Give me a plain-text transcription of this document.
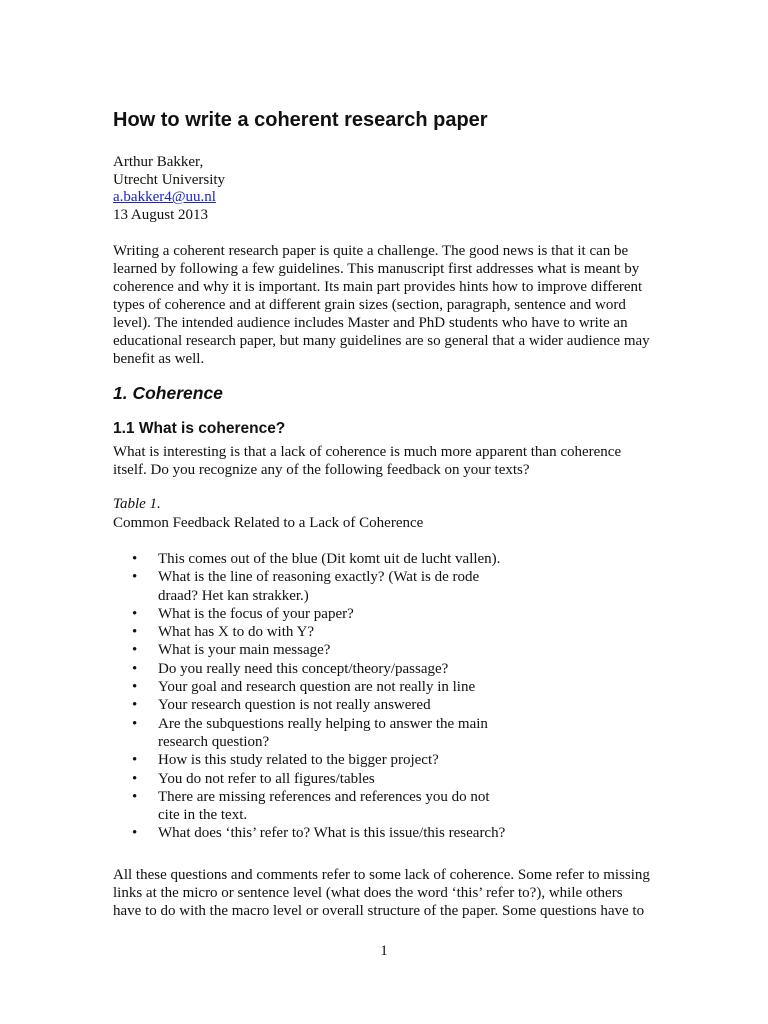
How to write a coherent research paper
Arthur Bakker,
Utrecht University
a.bakker4@uu.nl
13 August 2013

Writing a coherent research paper is quite a challenge. The good news is that it can be
learned by following a few guidelines. This manuscript first addresses what is meant by
coherence and why it is important. Its main part provides hints how to improve different
types of coherence and at different grain sizes (section, paragraph, sentence and word
level). The intended audience includes Master and PhD students who have to write an
educational research paper, but many guidelines are so general that a wider audience may
benefit as well.

1. Coherence
1.1 What is coherence?

What is interesting is that a lack of coherence is much more apparent than coherence
itself. Do you recognize any of the following feedback on your texts?

Table 1.
Common Feedback Related to a Lack of Coherence
• This comes out of the blue (Dit komt uit de lucht vallen).
• What is the line of reasoning exactly? (Wat is de rode
draad? Het kan strakker.)
• What is the focus of your paper?
• What has X to do with Y?
• What is your main message?
• Do you really need this concept/theory/passage?
• Your goal and research question are not really in line
• Your research question is not really answered
• Are the subquestions really helping to answer the main
research question?
• How is this study related to the bigger project?
• You do not refer to all figures/tables
• There are missing references and references you do not
cite in the text.
• What does ‘this’ refer to? What is this issue/this research?

All these questions and comments refer to some lack of coherence. Some refer to missing
links at the micro or sentence level (what does the word ‘this’ refer to?), while others
have to do with the macro level or overall structure of the paper. Some questions have to

1
